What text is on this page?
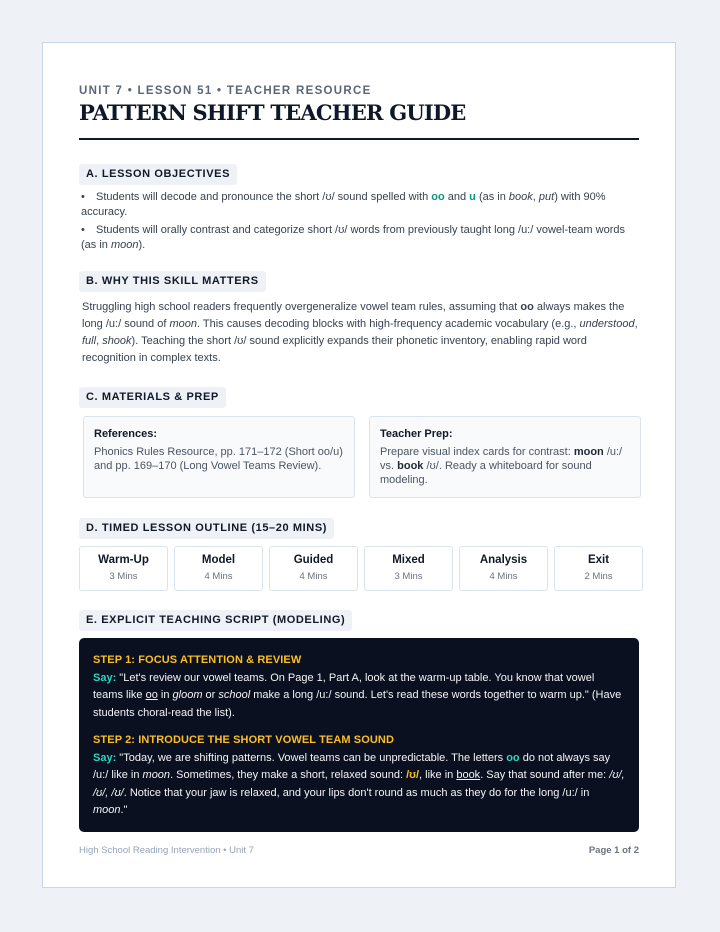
UNIT 7 • LESSON 51 • TEACHER RESOURCE
PATTERN SHIFT TEACHER GUIDE
A. LESSON OBJECTIVES
• Students will decode and pronounce the short /ʊ/ sound spelled with oo and u (as in book, put) with 90% accuracy.
• Students will orally contrast and categorize short /ʊ/ words from previously taught long /u:/ vowel-team words (as in moon).
B. WHY THIS SKILL MATTERS
Struggling high school readers frequently overgeneralize vowel team rules, assuming that oo always makes the long /u:/ sound of moon. This causes decoding blocks with high-frequency academic vocabulary (e.g., understood, full, shook). Teaching the short /ʊ/ sound explicitly expands their phonetic inventory, enabling rapid word recognition in complex texts.
C. MATERIALS & PREP
References:

Phonics Rules Resource, pp. 171–172 (Short oo/u) and pp. 169–170 (Long Vowel Teams Review).

Teacher Prep:

Prepare visual index cards for contrast: moon /u:/ vs. book /ʊ/. Ready a whiteboard for sound modeling.

D. TIMED LESSON OUTLINE (15–20 MINS)
Warm-Up
3 Mins
Model
4 Mins
Guided
4 Mins
Mixed
3 Mins
Analysis
4 Mins
Exit
2 Mins
E. EXPLICIT TEACHING SCRIPT (MODELING)
STEP 1: FOCUS ATTENTION & REVIEW
Say: "Let's review our vowel teams. On Page 1, Part A, look at the warm-up table. You know that vowel teams like oo in gloom or school make a long /u:/ sound. Let's read these words together to warm up." (Have students choral-read the list).
STEP 2: INTRODUCE THE SHORT VOWEL TEAM SOUND
Say: "Today, we are shifting patterns. Vowel teams can be unpredictable. The letters oo do not always say /u:/ like in moon. Sometimes, they make a short, relaxed sound: /ʊ/, like in book. Say that sound after me: /ʊ/, /ʊ/, /ʊ/. Notice that your jaw is relaxed, and your lips don't round as much as they do for the long /u:/ in moon."
High School Reading Intervention • Unit 7	Page 1 of 2
